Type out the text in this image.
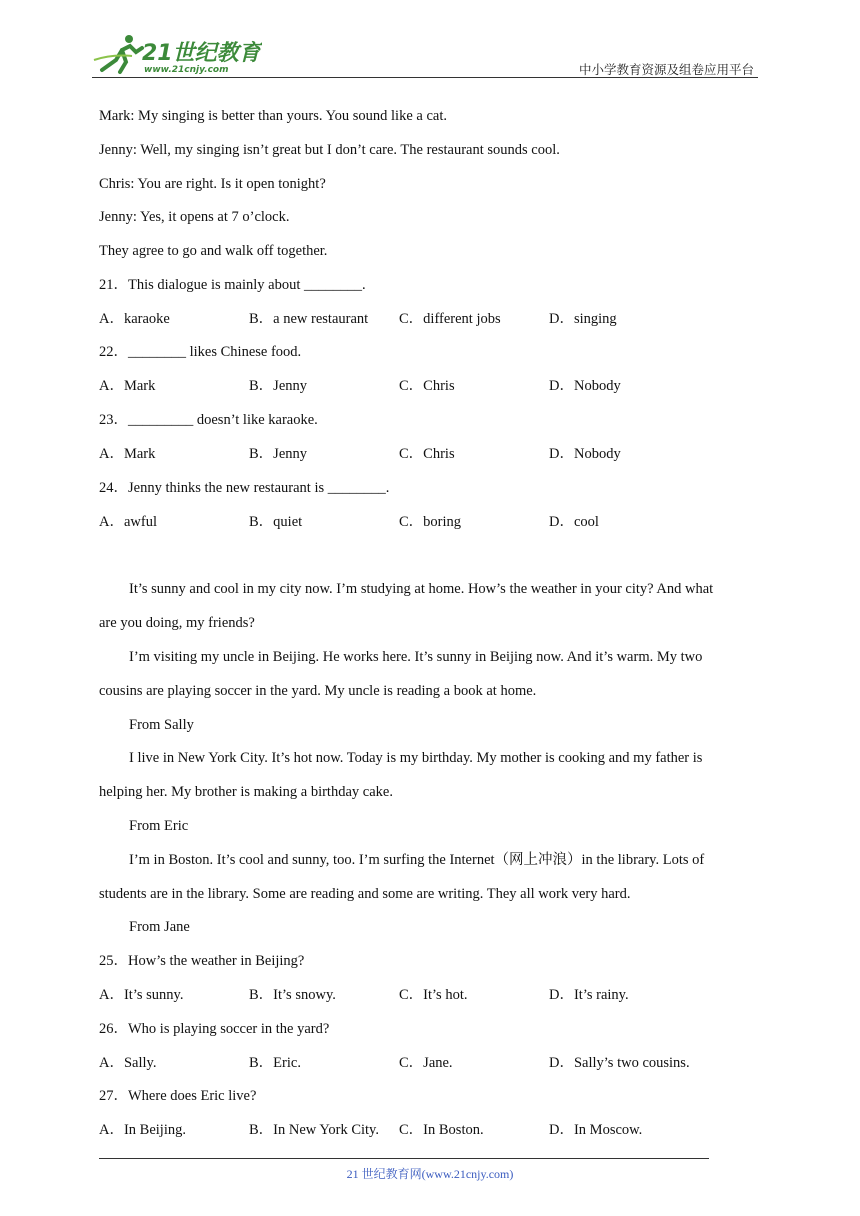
21世纪教育
www.21cnjy.com	中小学教育资源及组卷应用平台
Mark: My singing is better than yours. You sound like a cat.
Jenny: Well, my singing isn’t great but I don’t care. The restaurant sounds cool.
Chris: You are right. Is it open tonight?
Jenny: Yes, it opens at 7 o’clock.
They agree to go and walk off together.
21．This dialogue is mainly about ________.
A．karaoke	B．a new restaurant C．different jobs	D．singing
22．________ likes Chinese food.
A．Mark	B．Jenny	C．Chris	D．Nobody
23．_________ doesn’t like karaoke.
A．Mark	B．Jenny	C．Chris	D．Nobody
24．Jenny thinks the new restaurant is ________.
A．awful	B．quiet	C．boring	D．cool
It’s sunny and cool in my city now. I’m studying at home. How’s the weather in your city? And what
are you doing, my friends?
I’m visiting my uncle in Beijing. He works here. It’s sunny in Beijing now. And it’s warm. My two
cousins are playing soccer in the yard. My uncle is reading a book at home.
From Sally
I live in New York City. It’s hot now. Today is my birthday. My mother is cooking and my father is
helping her. My brother is making a birthday cake.
From Eric
I’m in Boston. It’s cool and sunny, too. I’m surfing the Internet（网上冲浪）in the library. Lots of
students are in the library. Some are reading and some are writing. They all work very hard.
From Jane
25．How’s the weather in Beijing?
A．It’s sunny.	B．It’s snowy.	C．It’s hot.	D．It’s rainy.
26．Who is playing soccer in the yard?
A．Sally.	B．Eric.	C．Jane.	D．Sally’s two cousins.
27．Where does Eric live?
A．In Beijing.	B．In New York City. C．In Boston.	D．In Moscow.
21 世纪教育网(www.21cnjy.com)
